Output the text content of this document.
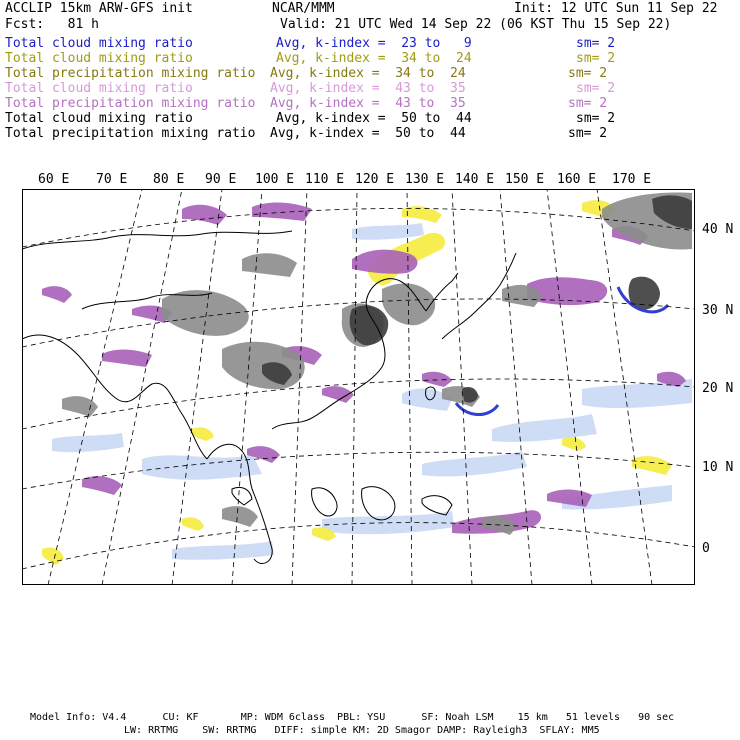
ACCLIP 15km ARW-GFS init	NCAR/MMM	Init: 12 UTC Sun 11 Sep 22
Fcst:   81 h	Valid: 21 UTC Wed 14 Sep 22 (06 KST Thu 15 Sep 22)
Total cloud mixing ratio	Avg, k-index =  23 to   9	sm= 2
Total cloud mixing ratio	Avg, k-index =  34 to  24	sm= 2
Total precipitation mixing ratio Avg, k-index =  34 to  24	sm= 2
Total cloud mixing ratio	Avg, k-index =  43 to  35	sm= 2
Total precipitation mixing ratio Avg, k-index =  43 to  35	sm= 2
Total cloud mixing ratio	Avg, k-index =  50 to  44	sm= 2
Total precipitation mixing ratio Avg, k-index =  50 to  44	sm= 2
60 E 70 E 80 E 90 E 100 E 110 E 120 E 130 E 140 E 150 E 160 E 170 E
40 N
30 N
20 N
10 N
0
Model Info: V4.4      CU: KF       MP: WDM 6class  PBL: YSU      SF: Noah LSM    15 km   51 levels   90 sec
LW: RRTMG    SW: RRTMG   DIFF: simple KM: 2D Smagor DAMP: Rayleigh3  SFLAY: MM5
